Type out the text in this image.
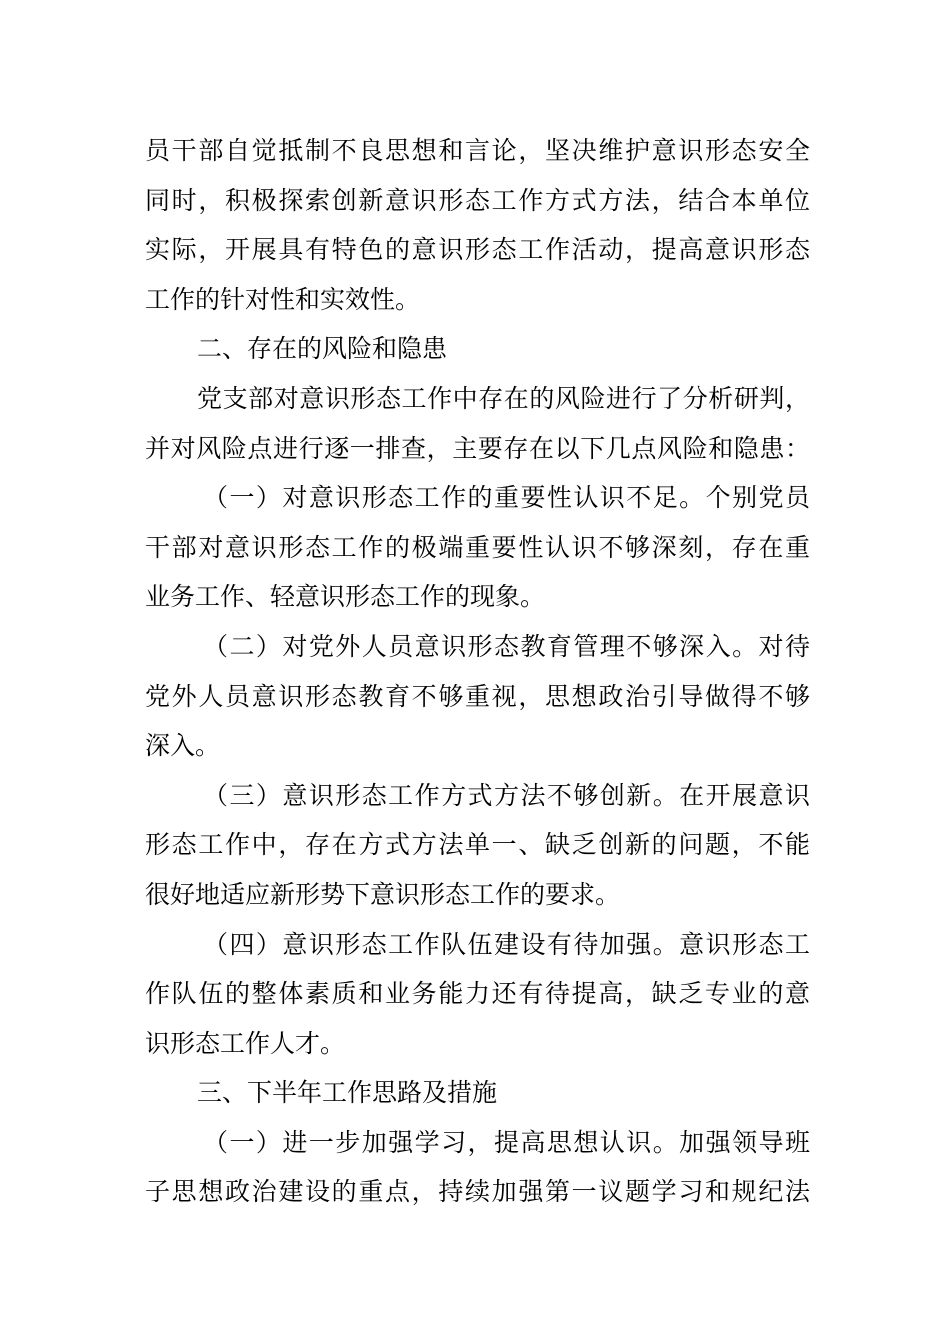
员干部自觉抵制不良思想和言论，坚决维护意识形态安全
同时，积极探索创新意识形态工作方式方法，结合本单位
实际，开展具有特色的意识形态工作活动，提高意识形态
工作的针对性和实效性。
二、存在的风险和隐患
党支部对意识形态工作中存在的风险进行了分析研判，
并对风险点进行逐一排查，主要存在以下几点风险和隐患：
（一）对意识形态工作的重要性认识不足。个别党员
干部对意识形态工作的极端重要性认识不够深刻，存在重
业务工作、轻意识形态工作的现象。
（二）对党外人员意识形态教育管理不够深入。对待
党外人员意识形态教育不够重视，思想政治引导做得不够
深入。
（三）意识形态工作方式方法不够创新。在开展意识
形态工作中，存在方式方法单一、缺乏创新的问题，不能
很好地适应新形势下意识形态工作的要求。
（四）意识形态工作队伍建设有待加强。意识形态工
作队伍的整体素质和业务能力还有待提高，缺乏专业的意
识形态工作人才。
三、下半年工作思路及措施
（一）进一步加强学习，提高思想认识。加强领导班
子思想政治建设的重点，持续加强第一议题学习和规纪法
